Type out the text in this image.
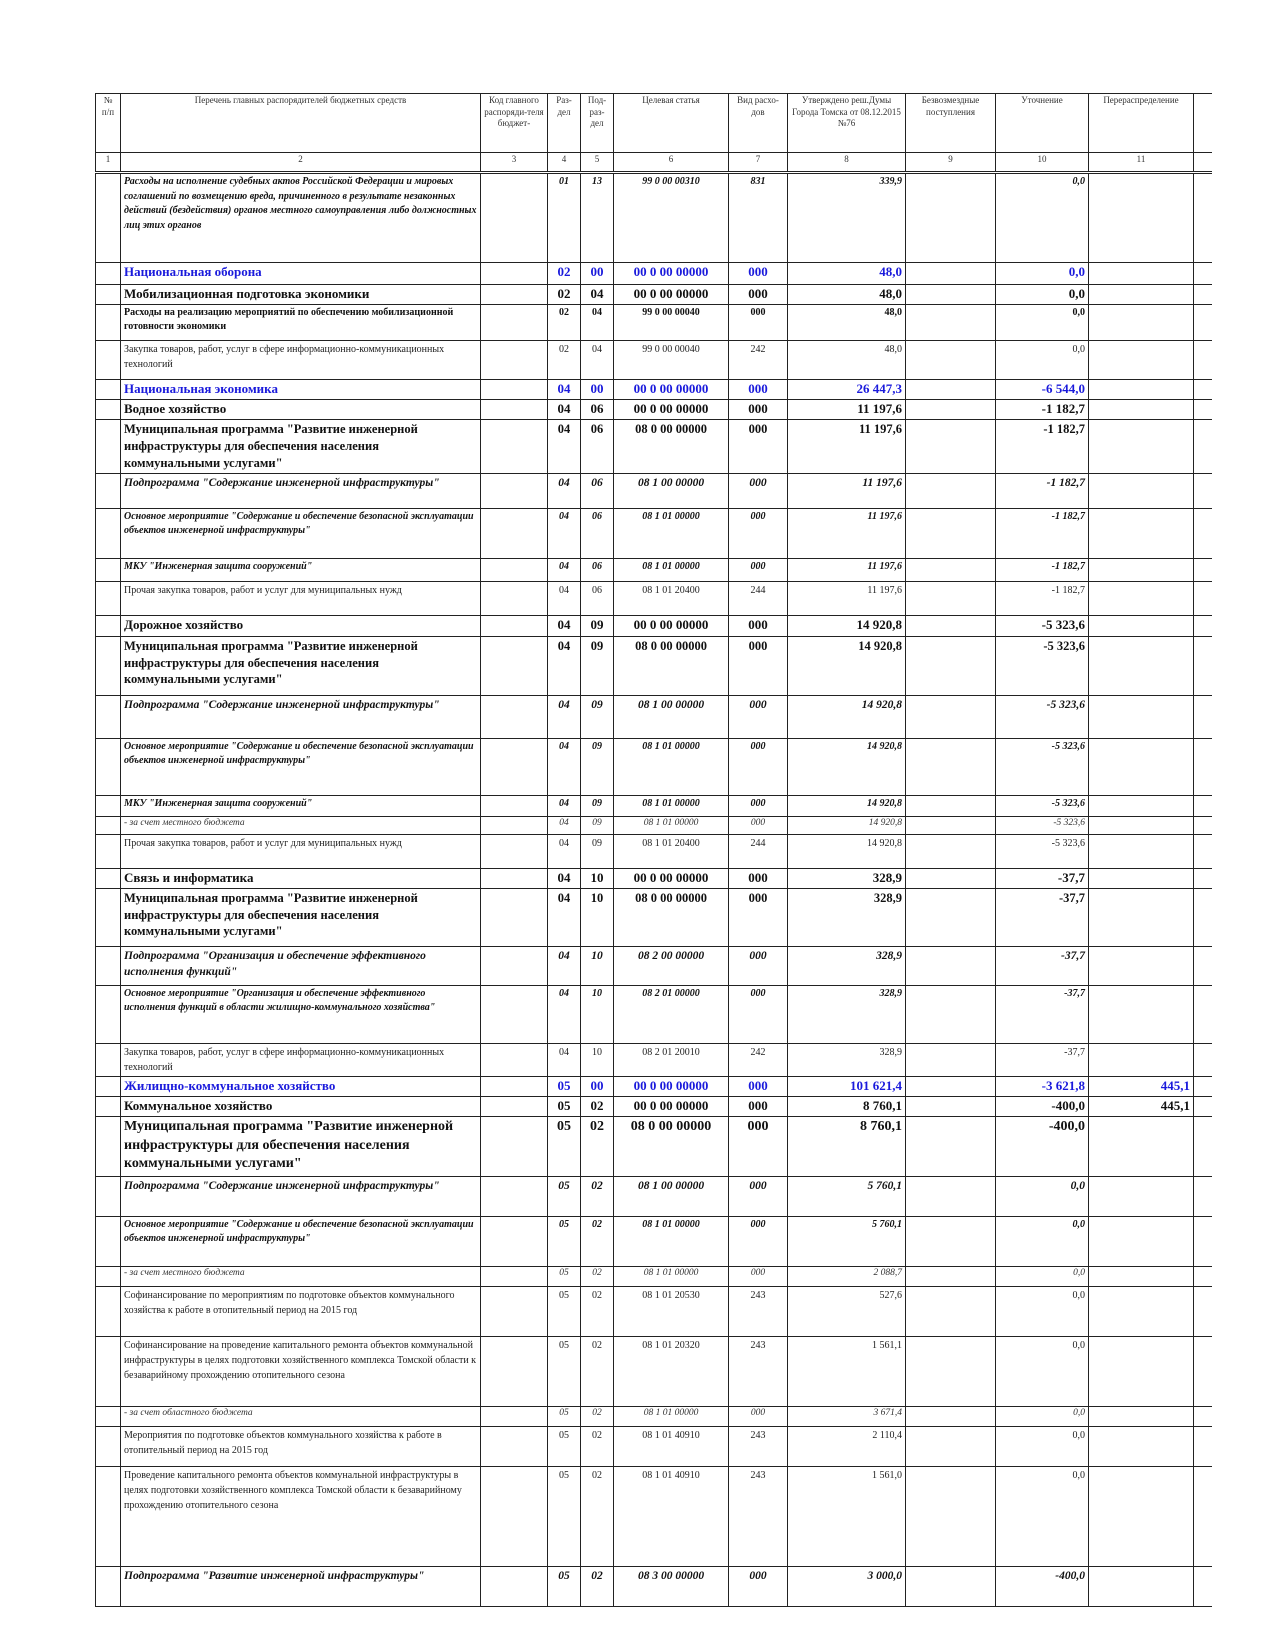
№ п/п	Перечень главных распорядителей бюджетных средств	Код главного распоряди-теля бюджет-	Раз-дел	Под-раз-дел	Целевая статья	Вид расхо-дов	Утверждено реш.Думы Города Томска от 08.12.2015 №76	Безвозмездные поступления	Уточнение	Перераспределение	
1	2	3	4	5	6	7	8	9	10	11	
	Расходы на исполнение судебных актов Российской Федерации и мировых соглашений по возмещению вреда, причиненного в результате незаконных действий (бездействия) органов местного самоуправления либо должностных лиц этих органов		01	13	99 0 00 00310	831	339,9		0,0		
	Национальная оборона		02	00	00 0 00 00000	000	48,0		0,0		
	Мобилизационная подготовка экономики		02	04	00 0 00 00000	000	48,0		0,0		
	Расходы на реализацию мероприятий по обеспечению мобилизационной готовности экономики		02	04	99 0 00 00040	000	48,0		0,0		
	Закупка товаров, работ, услуг в сфере информационно-коммуникационных технологий		02	04	99 0 00 00040	242	48,0		0,0		
	Национальная экономика		04	00	00 0 00 00000	000	26 447,3		-6 544,0		
	Водное хозяйство		04	06	00 0 00 00000	000	11 197,6		-1 182,7		
	Муниципальная программа "Развитие инженерной инфраструктуры для обеспечения населения коммунальными услугами"		04	06	08 0 00 00000	000	11 197,6		-1 182,7		
	Подпрограмма "Содержание инженерной инфраструктуры"		04	06	08 1 00 00000	000	11 197,6		-1 182,7		
	Основное мероприятие "Содержание и обеспечение безопасной эксплуатации объектов инженерной инфраструктуры"		04	06	08 1 01 00000	000	11 197,6		-1 182,7		
	МКУ "Инженерная защита сооружений"		04	06	08 1 01 00000	000	11 197,6		-1 182,7		
	Прочая закупка товаров, работ и услуг для муниципальных нужд		04	06	08 1 01 20400	244	11 197,6		-1 182,7		
	Дорожное хозяйство		04	09	00 0 00 00000	000	14 920,8		-5 323,6		
	Муниципальная программа "Развитие инженерной инфраструктуры для обеспечения населения коммунальными услугами"		04	09	08 0 00 00000	000	14 920,8		-5 323,6		
	Подпрограмма "Содержание инженерной инфраструктуры"		04	09	08 1 00 00000	000	14 920,8		-5 323,6		
	Основное мероприятие "Содержание и обеспечение безопасной эксплуатации объектов инженерной инфраструктуры"		04	09	08 1 01 00000	000	14 920,8		-5 323,6		
	МКУ "Инженерная защита сооружений"		04	09	08 1 01 00000	000	14 920,8		-5 323,6		
	- за счет местного бюджета		04	09	08 1 01 00000	000	14 920,8		-5 323,6		
	Прочая закупка товаров, работ и услуг для муниципальных нужд		04	09	08 1 01 20400	244	14 920,8		-5 323,6		
	Связь и информатика		04	10	00 0 00 00000	000	328,9		-37,7		
	Муниципальная программа "Развитие инженерной инфраструктуры для обеспечения населения коммунальными услугами"		04	10	08 0 00 00000	000	328,9		-37,7		
	Подпрограмма "Организация и обеспечение эффективного исполнения функций"		04	10	08 2 00 00000	000	328,9		-37,7		
	Основное мероприятие "Организация и обеспечение эффективного исполнения функций в области жилищно-коммунального хозяйства"		04	10	08 2 01 00000	000	328,9		-37,7		
	Закупка товаров, работ, услуг в сфере информационно-коммуникационных технологий		04	10	08 2 01 20010	242	328,9		-37,7		
	Жилищно-коммунальное хозяйство		05	00	00 0 00 00000	000	101 621,4		-3 621,8	445,1	
	Коммунальное хозяйство		05	02	00 0 00 00000	000	8 760,1		-400,0	445,1	
	Муниципальная программа "Развитие инженерной инфраструктуры для обеспечения населения коммунальными услугами"		05	02	08 0 00 00000	000	8 760,1		-400,0		
	Подпрограмма "Содержание инженерной инфраструктуры"		05	02	08 1 00 00000	000	5 760,1		0,0		
	Основное мероприятие "Содержание и обеспечение безопасной эксплуатации объектов инженерной инфраструктуры"		05	02	08 1 01 00000	000	5 760,1		0,0		
	- за счет местного бюджета		05	02	08 1 01 00000	000	2 088,7		0,0		
	Софинансирование по мероприятиям по подготовке объектов коммунального хозяйства к работе в отопительный период на 2015 год		05	02	08 1 01 20530	243	527,6		0,0		
	Софинансирование на проведение капитального ремонта объектов коммунальной инфраструктуры в целях подготовки хозяйственного комплекса Томской области к безаварийному прохождению отопительного сезона		05	02	08 1 01 20320	243	1 561,1		0,0		
	- за счет областного бюджета		05	02	08 1 01 00000	000	3 671,4		0,0		
	Мероприятия по подготовке объектов коммунального хозяйства к работе в отопительный период на 2015 год		05	02	08 1 01 40910	243	2 110,4		0,0		
	Проведение капитального ремонта объектов коммунальной инфраструктуры в целях подготовки хозяйственного комплекса Томской области к безаварийному прохождению отопительного сезона		05	02	08 1 01 40910	243	1 561,0		0,0		
	Подпрограмма "Развитие инженерной инфраструктуры"		05	02	08 3 00 00000	000	3 000,0		-400,0		
